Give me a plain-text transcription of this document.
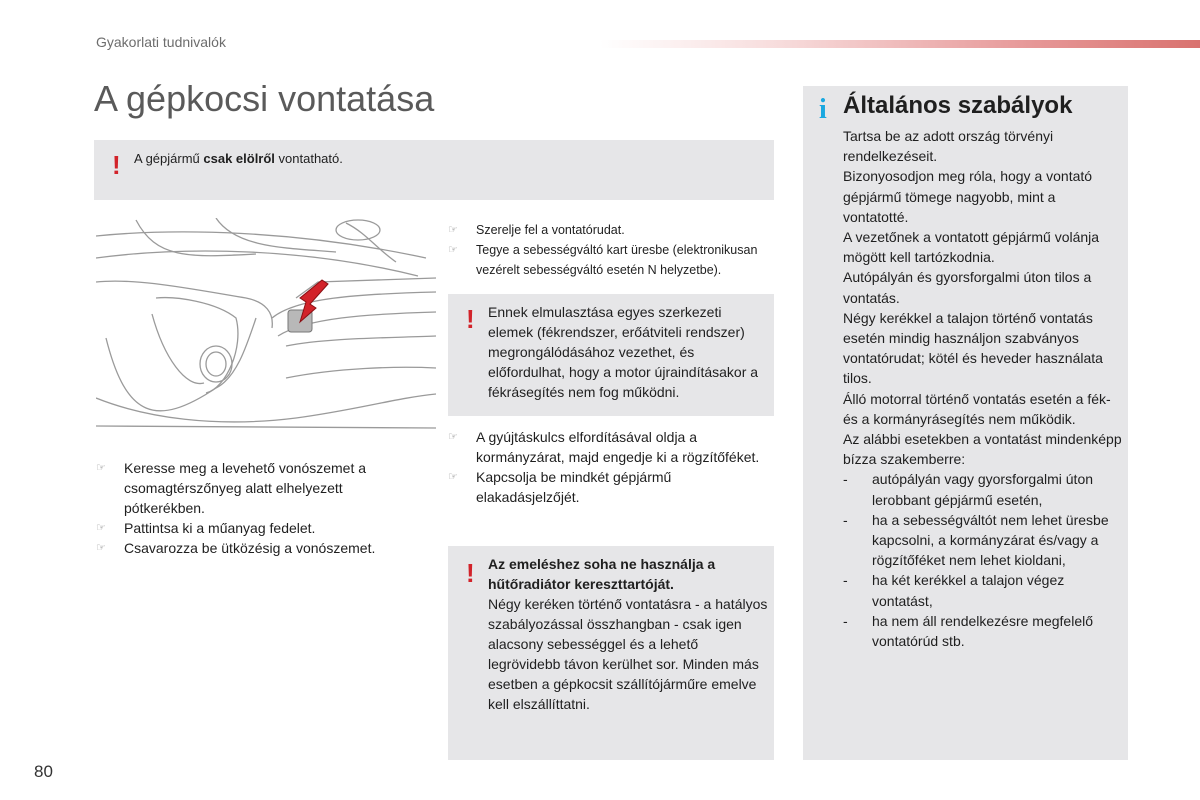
Gyakorlati tudnivalók
A gépkocsi vontatása
! A gépjármű csak elölről vontatható.
☞ Szerelje fel a vontatórudat.
☞ Tegye a sebességváltó kart üresbe (elektronikusan vezérelt sebességváltó esetén N helyzetbe).
! Ennek elmulasztása egyes szerkezeti elemek (fékrendszer, erőátviteli rendszer) megrongálódásához vezethet, és előfordulhat, hogy a motor újraindításakor a fékrásegítés nem fog működni.
☞ A gyújtáskulcs elfordításával oldja a kormányzárat, majd engedje ki a rögzítőféket.
☞ Kapcsolja be mindkét gépjármű elakadásjelzőjét.
☞ Keresse meg a levehető vonószemet a csomagtérszőnyeg alatt elhelyezett pótkerékben.
☞ Pattintsa ki a műanyag fedelet.
☞ Csavarozza be ütközésig a vonószemet.
! Az emeléshez soha ne használja a hűtőradiátor kereszttartóját.
Négy keréken történő vontatásra - a hatályos szabályozással összhangban - csak igen alacsony sebességgel és a lehető legrövidebb távon kerülhet sor. Minden más esetben a gépkocsit szállítójárműre emelve kell elszállíttatni.
i Általános szabályok

Tartsa be az adott ország törvényi rendelkezéseit.

Bizonyosodjon meg róla, hogy a vontató gépjármű tömege nagyobb, mint a vontatotté.

A vezetőnek a vontatott gépjármű volánja mögött kell tartózkodnia.

Autópályán és gyorsforgalmi úton tilos a vontatás.

Négy kerékkel a talajon történő vontatás esetén mindig használjon szabványos vontatórudat; kötél és heveder használata tilos.

Álló motorral történő vontatás esetén a fék- és a kormányrásegítés nem működik.

Az alábbi esetekben a vontatást mindenképp bízza szakemberre:

- autópályán vagy gyorsforgalmi úton lerobbant gépjármű esetén,
- ha a sebességváltót nem lehet üresbe kapcsolni, a kormányzárat és/vagy a rögzítőféket nem lehet kioldani,
- ha két kerékkel a talajon végez vontatást,
- ha nem áll rendelkezésre megfelelő vontatórúd stb.
80
